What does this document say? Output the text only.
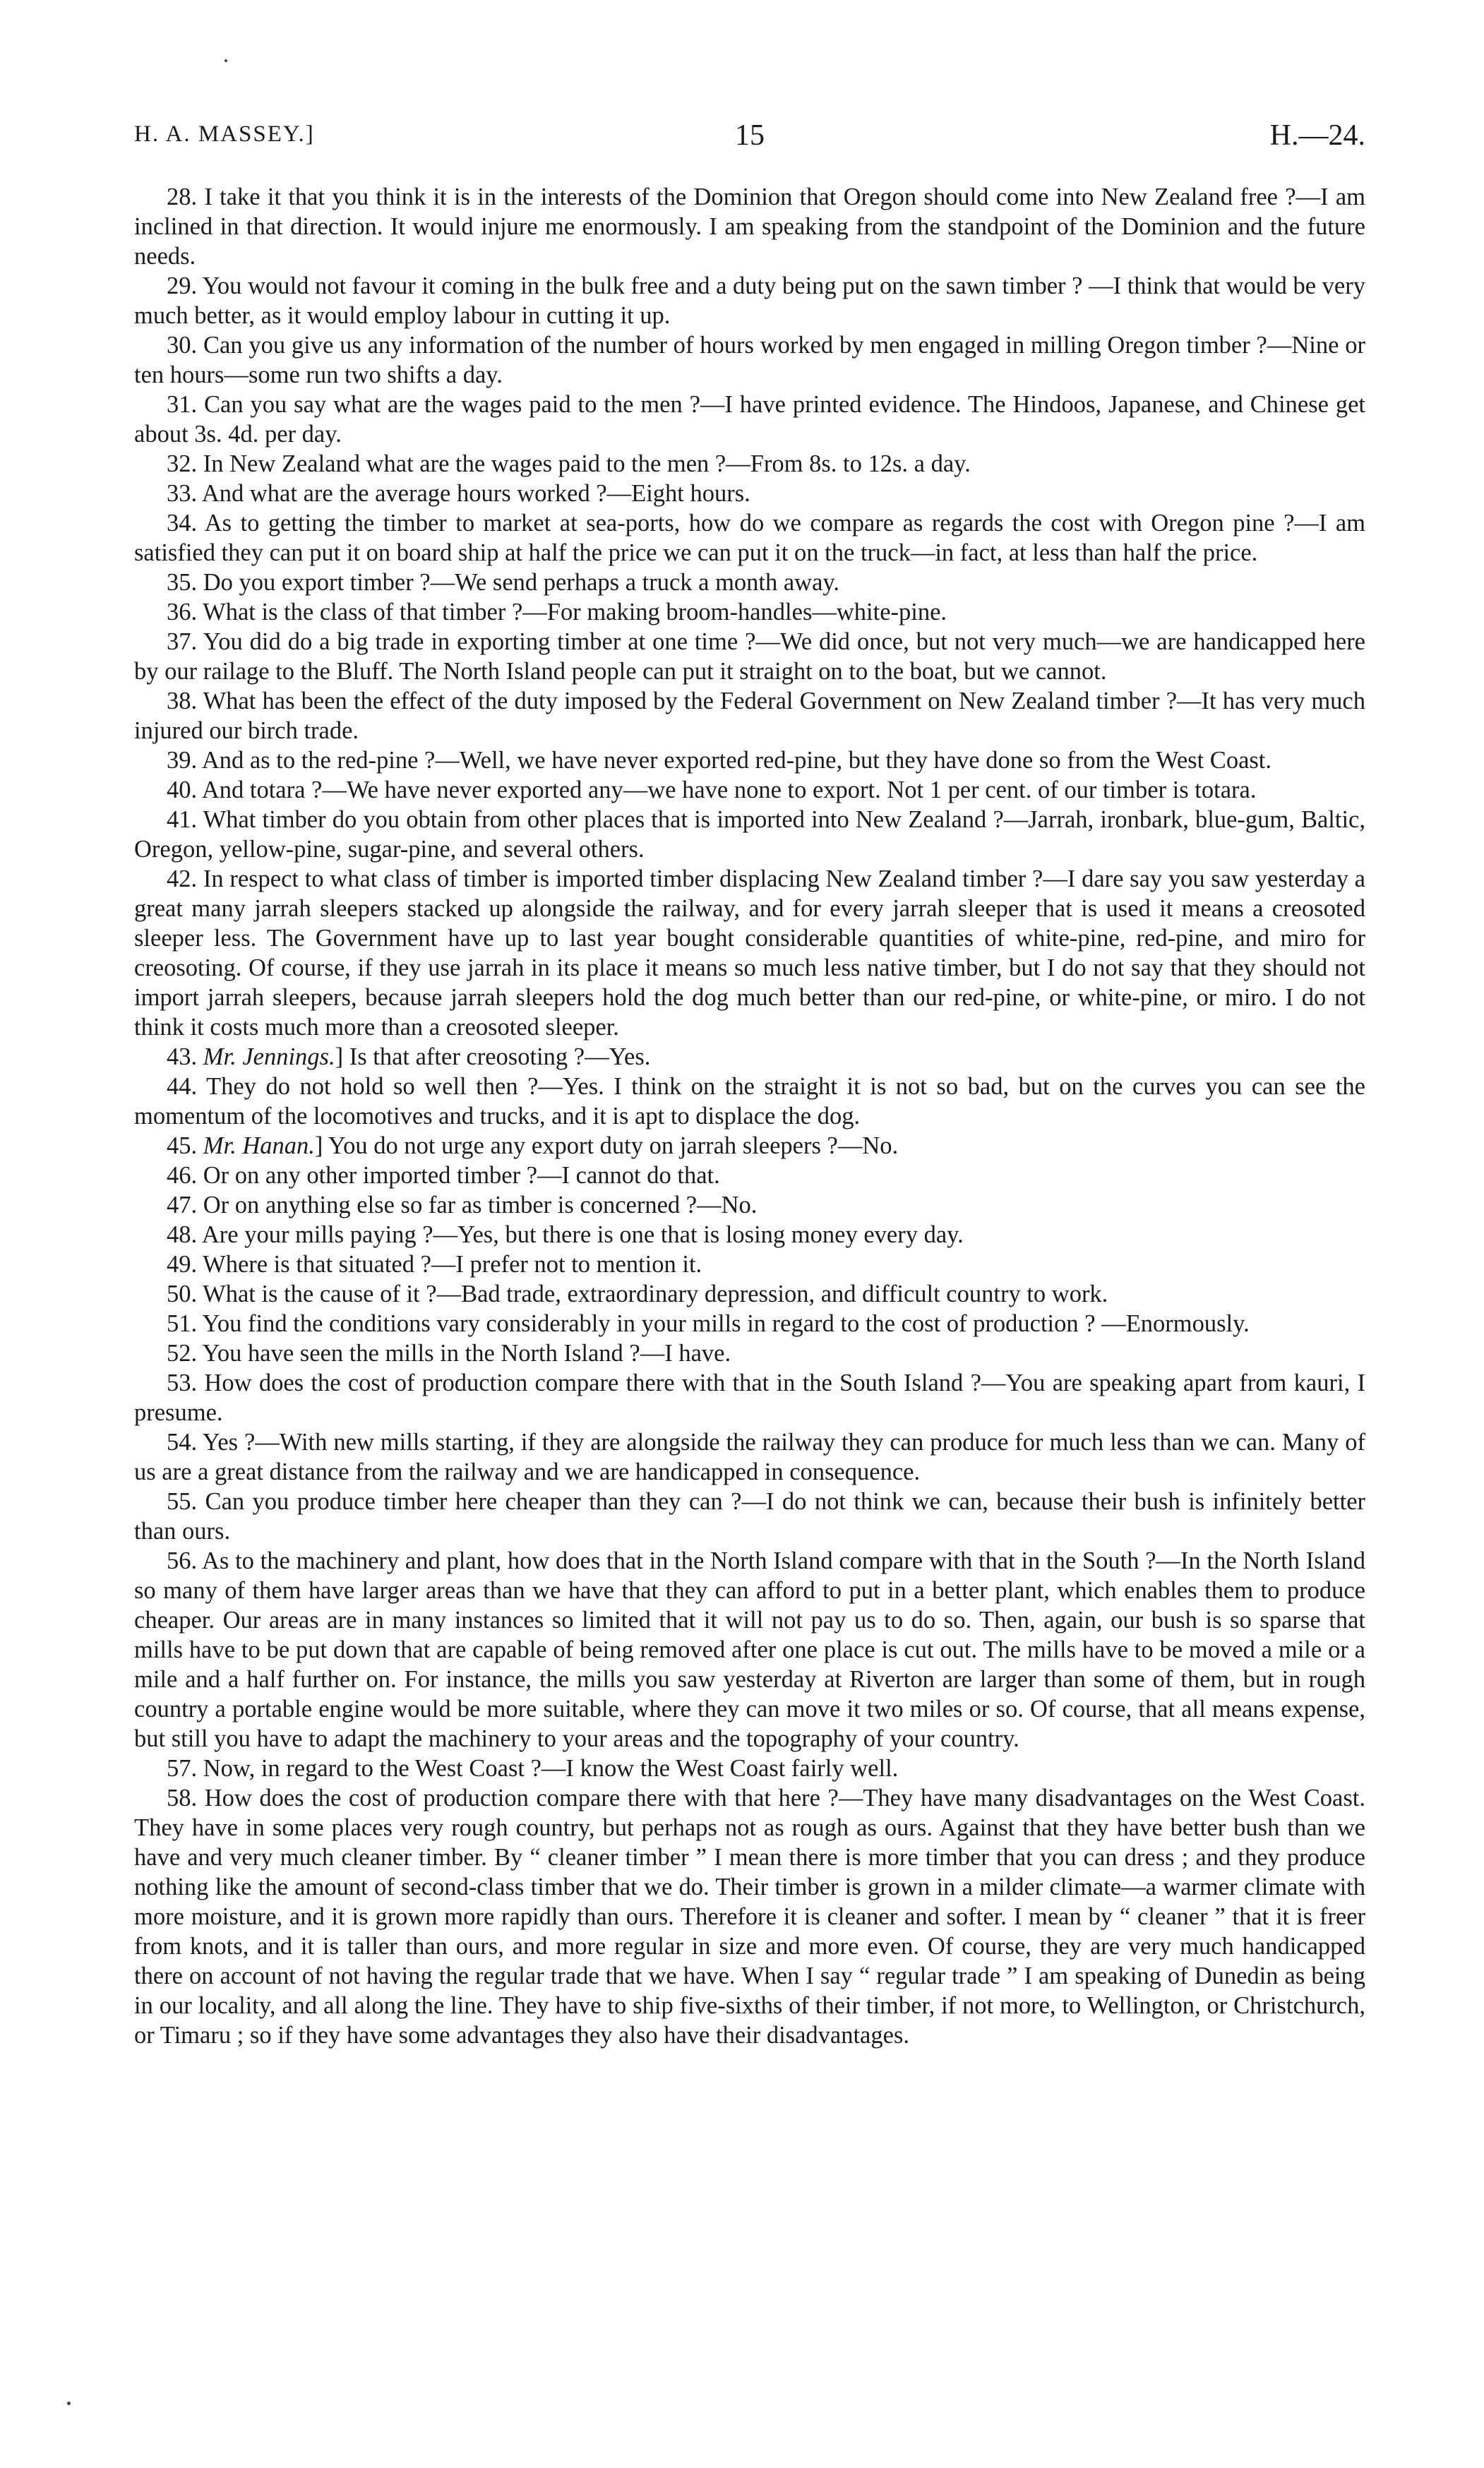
H. A. MASSEY.]	15	H.—24.

28. I take it that you think it is in the interests of the Dominion that Oregon should come into New Zealand free ?—I am inclined in that direction. It would injure me enormously. I am speaking from the standpoint of the Dominion and the future needs.

29. You would not favour it coming in the bulk free and a duty being put on the sawn timber ? —I think that would be very much better, as it would employ labour in cutting it up.

30. Can you give us any information of the number of hours worked by men engaged in milling Oregon timber ?—Nine or ten hours—some run two shifts a day.

31. Can you say what are the wages paid to the men ?—I have printed evidence. The Hindoos, Japanese, and Chinese get about 3s. 4d. per day.

32. In New Zealand what are the wages paid to the men ?—From 8s. to 12s. a day.

33. And what are the average hours worked ?—Eight hours.

34. As to getting the timber to market at sea-ports, how do we compare as regards the cost with Oregon pine ?—I am satisfied they can put it on board ship at half the price we can put it on the truck—in fact, at less than half the price.

35. Do you export timber ?—We send perhaps a truck a month away.

36. What is the class of that timber ?—For making broom-handles—white-pine.

37. You did do a big trade in exporting timber at one time ?—We did once, but not very much—we are handicapped here by our railage to the Bluff. The North Island people can put it straight on to the boat, but we cannot.

38. What has been the effect of the duty imposed by the Federal Government on New Zealand timber ?—It has very much injured our birch trade.

39. And as to the red-pine ?—Well, we have never exported red-pine, but they have done so from the West Coast.

40. And totara ?—We have never exported any—we have none to export. Not 1 per cent. of our timber is totara.

41. What timber do you obtain from other places that is imported into New Zealand ?—Jarrah, ironbark, blue-gum, Baltic, Oregon, yellow-pine, sugar-pine, and several others.

42. In respect to what class of timber is imported timber displacing New Zealand timber ?—I dare say you saw yesterday a great many jarrah sleepers stacked up alongside the railway, and for every jarrah sleeper that is used it means a creosoted sleeper less. The Government have up to last year bought considerable quantities of white-pine, red-pine, and miro for creosoting. Of course, if they use jarrah in its place it means so much less native timber, but I do not say that they should not import jarrah sleepers, because jarrah sleepers hold the dog much better than our red-pine, or white-pine, or miro. I do not think it costs much more than a creosoted sleeper.

43. Mr. Jennings.] Is that after creosoting ?—Yes.

44. They do not hold so well then ?—Yes. I think on the straight it is not so bad, but on the curves you can see the momentum of the locomotives and trucks, and it is apt to displace the dog.

45. Mr. Hanan.] You do not urge any export duty on jarrah sleepers ?—No.

46. Or on any other imported timber ?—I cannot do that.

47. Or on anything else so far as timber is concerned ?—No.

48. Are your mills paying ?—Yes, but there is one that is losing money every day.

49. Where is that situated ?—I prefer not to mention it.

50. What is the cause of it ?—Bad trade, extraordinary depression, and difficult country to work.

51. You find the conditions vary considerably in your mills in regard to the cost of production ? —Enormously.

52. You have seen the mills in the North Island ?—I have.

53. How does the cost of production compare there with that in the South Island ?—You are speaking apart from kauri, I presume.

54. Yes ?—With new mills starting, if they are alongside the railway they can produce for much less than we can. Many of us are a great distance from the railway and we are handicapped in consequence.

55. Can you produce timber here cheaper than they can ?—I do not think we can, because their bush is infinitely better than ours.

56. As to the machinery and plant, how does that in the North Island compare with that in the South ?—In the North Island so many of them have larger areas than we have that they can afford to put in a better plant, which enables them to produce cheaper. Our areas are in many instances so limited that it will not pay us to do so. Then, again, our bush is so sparse that mills have to be put down that are capable of being removed after one place is cut out. The mills have to be moved a mile or a mile and a half further on. For instance, the mills you saw yesterday at Riverton are larger than some of them, but in rough country a portable engine would be more suitable, where they can move it two miles or so. Of course, that all means expense, but still you have to adapt the machinery to your areas and the topography of your country.

57. Now, in regard to the West Coast ?—I know the West Coast fairly well.

58. How does the cost of production compare there with that here ?—They have many disadvantages on the West Coast. They have in some places very rough country, but perhaps not as rough as ours. Against that they have better bush than we have and very much cleaner timber. By “ cleaner timber ” I mean there is more timber that you can dress ; and they produce nothing like the amount of second-class timber that we do. Their timber is grown in a milder climate—a warmer climate with more moisture, and it is grown more rapidly than ours. Therefore it is cleaner and softer. I mean by “ cleaner ” that it is freer from knots, and it is taller than ours, and more regular in size and more even. Of course, they are very much handicapped there on account of not having the regular trade that we have. When I say “ regular trade ” I am speaking of Dunedin as being in our locality, and all along the line. They have to ship five-sixths of their timber, if not more, to Wellington, or Christchurch, or Timaru ; so if they have some advantages they also have their disadvantages.
